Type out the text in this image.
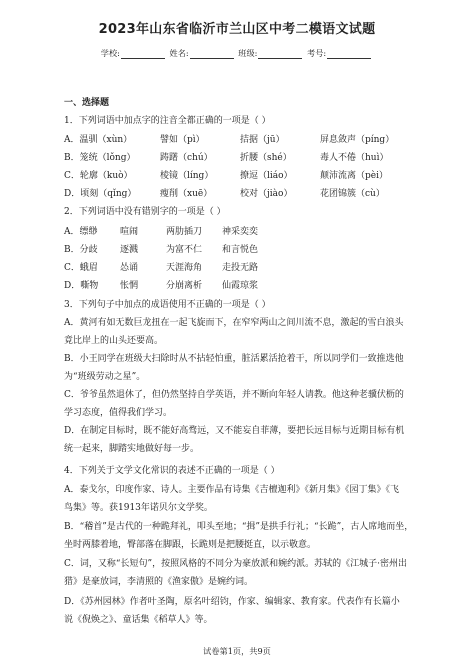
2023年山东省临沂市兰山区中考二模语文试题
学校:	姓名:	班级:	考号:
一、选择题
1．下列词语中加点字的注音全都正确的一项是（ ）
A．温驯（xùn）	譬如（pì）	拮据（jū）	屏息敛声（píng）
B．笼统（lǒng）	踌躇（chú）	折腰（shé）	毒人不倦（huì）
C．轮廓（kuò）	棱镜（líng）	撩逗（liáo）	颠沛流离（pèi）
D．顷刻（qǐng）	瘦削（xuē）	校对（jiào）	花团锦簇（cù）
2．下列词语中没有错别字的一项是（ ）
A．缥缈	喧闹	两肋插刀 神采奕奕
B．分歧 逐溅	为富不仁 和言悦色
C．蛾眉 怂诵	天涯海角 走投无路
D．嘶物 怅惘	分崩离析 仙霞琼浆
3．下列句子中加点的成语使用不正确的一项是（ ）
A．黄河有如无数巨龙扭在一起飞旋而下，在窄窄两山之间川流不息，激起的雪白浪头
竟比岸上的山头还要高。
B．小王同学在班级大扫除时从不拈轻怕重，脏活累活抢着干，所以同学们一致推选他
为“班级劳动之星”。
C．爷爷虽然退休了，但仍然坚持自学英语，并不断向年轻人请教。他这种老骥伏枥的
学习态度，值得我们学习。
D．在制定目标时，既不能好高骛远，又不能妄自菲薄，要把长远目标与近期目标有机
统一起来，脚踏实地做好每一步。
4．下列关于文学文化常识的表述不正确的一项是（ ）
A．泰戈尔，印度作家、诗人。主要作品有诗集《吉檀迦利》《新月集》《园丁集》《飞
鸟集》等。获1913年诺贝尔文学奖。
B．“稽首”是古代的一种跪拜礼，叩头至地；“揖”是拱手行礼；“长跪”，古人席地而坐，
坐时两膝着地，臀部落在脚跟，长跪则是把腰挺直，以示敬意。
C．词，又称“长短句”，按照风格的不同分为豪放派和婉约派。苏轼的《江城子·密州出
猎》是豪放词，李清照的《渔家傲》是婉约词。
D．《苏州园林》作者叶圣陶，原名叶绍钧，作家、编辑家、教育家。代表作有长篇小
说《倪焕之》、童话集《稻草人》等。
试卷第1页，共9页
